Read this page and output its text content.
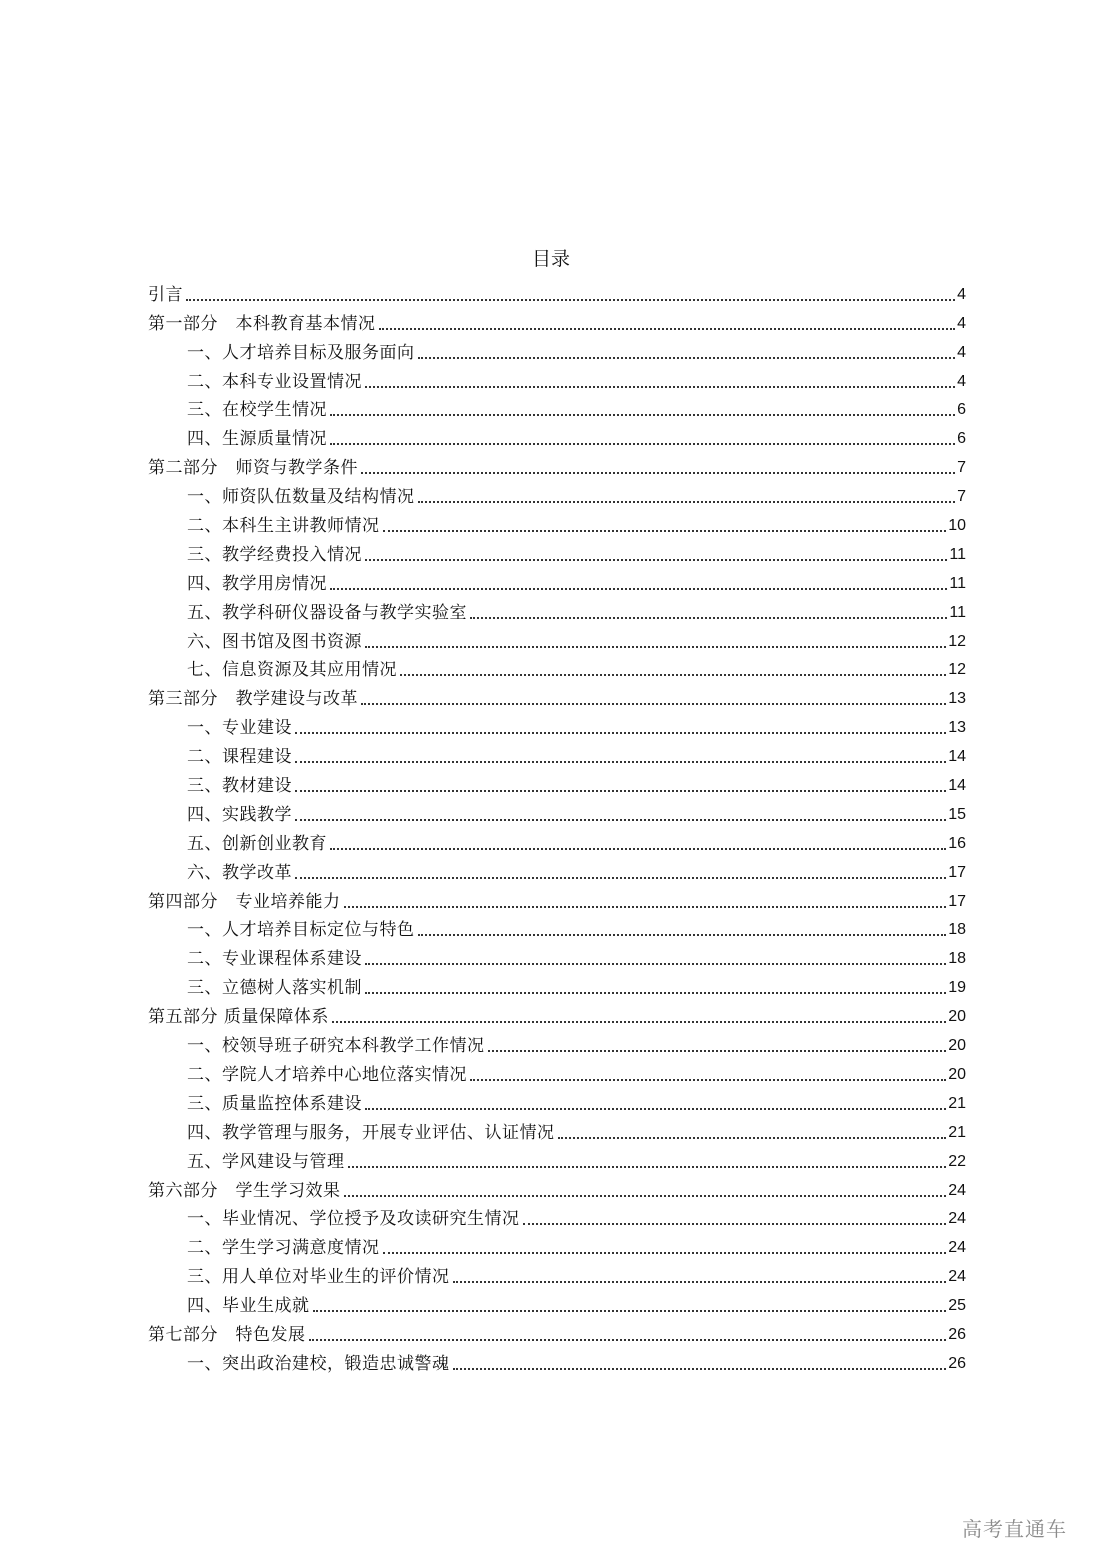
目录
引言	4
第一部分　本科教育基本情况	4
一、人才培养目标及服务面向	4
二、本科专业设置情况	4
三、在校学生情况	6
四、生源质量情况	6
第二部分　师资与教学条件	7
一、师资队伍数量及结构情况	7
二、本科生主讲教师情况	10
三、教学经费投入情况	11
四、教学用房情况	11
五、教学科研仪器设备与教学实验室	11
六、图书馆及图书资源	12
七、信息资源及其应用情况	12
第三部分　教学建设与改革	13
一、专业建设	13
二、课程建设	14
三、教材建设	14
四、实践教学	15
五、创新创业教育	16
六、教学改革	17
第四部分　专业培养能力	17
一、人才培养目标定位与特色	18
二、专业课程体系建设	18
三、立德树人落实机制	19
第五部分 质量保障体系	20
一、校领导班子研究本科教学工作情况	20
二、学院人才培养中心地位落实情况	20
三、质量监控体系建设	21
四、教学管理与服务，开展专业评估、认证情况	21
五、学风建设与管理	22
第六部分　学生学习效果	24
一、毕业情况、学位授予及攻读研究生情况	24
二、学生学习满意度情况	24
三、用人单位对毕业生的评价情况	24
四、毕业生成就	25
第七部分　特色发展	26
一、突出政治建校，锻造忠诚警魂	26
高考直通车
